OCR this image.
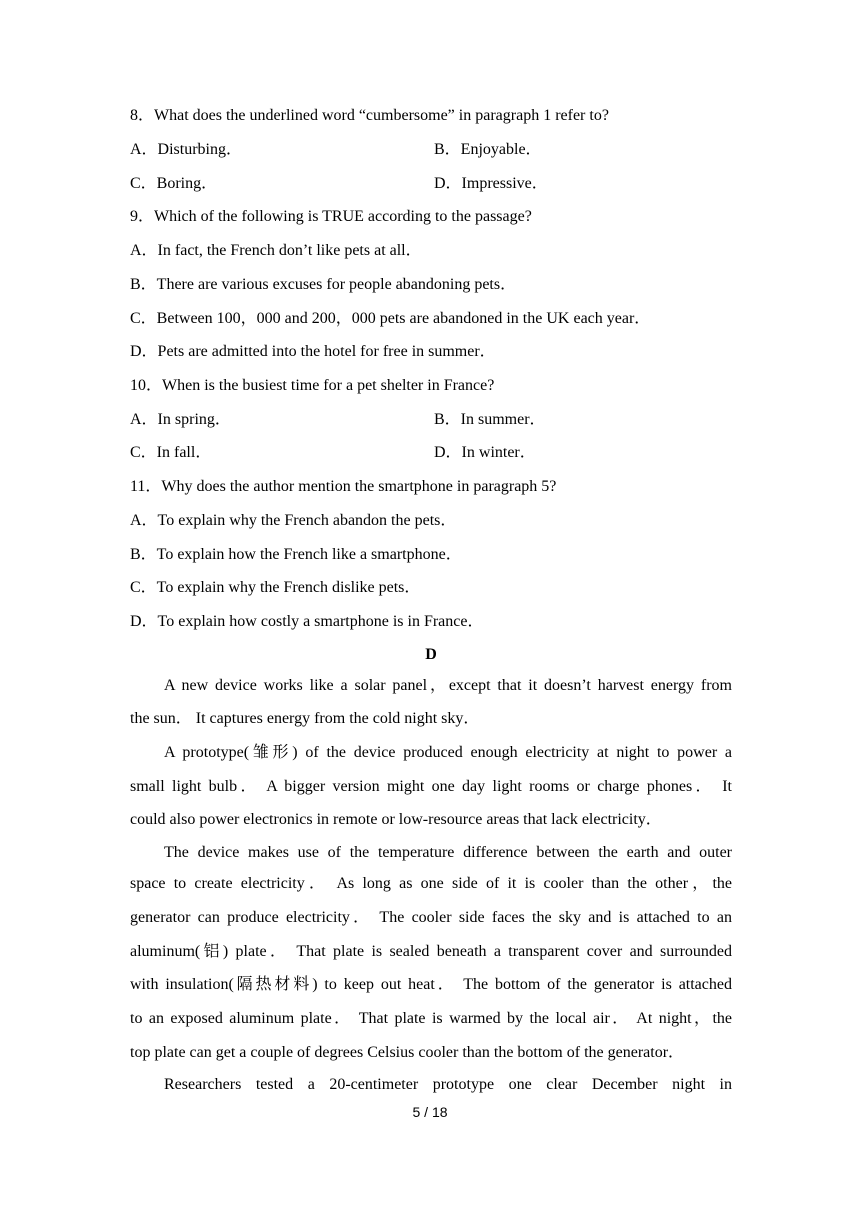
8．What does the underlined word “cumbersome” in paragraph 1 refer to?
A．Disturbing．	B．Enjoyable．
C．Boring．	D．Impressive．
9．Which of the following is TRUE according to the passage?
A．In fact, the French don’t like pets at all．
B．There are various excuses for people abandoning pets．
C．Between 100，000 and 200，000 pets are abandoned in the UK each year．
D．Pets are admitted into the hotel for free in summer．
10．When is the busiest time for a pet shelter in France?
A．In spring．	B．In summer．
C．In fall．	D．In winter．
11．Why does the author mention the smartphone in paragraph 5?
A．To explain why the French abandon the pets．
B．To explain how the French like a smartphone．
C．To explain why the French dislike pets．
D．To explain how costly a smartphone is in France．
D
A new device works like a solar panel，except that it doesn’t harvest energy from
the sun． It captures energy from the cold night sky．
A prototype(雏形) of the device produced enough electricity at night to power a
small light bulb． A bigger version might one day light rooms or charge phones． It
could also power electronics in remote or low-resource areas that lack electricity．
The device makes use of the temperature difference between the earth and outer
space to create electricity． As long as one side of it is cooler than the other，the
generator can produce electricity． The cooler side faces the sky and is attached to an
aluminum(铝) plate． That plate is sealed beneath a transparent cover and surrounded
with insulation(隔热材料) to keep out heat． The bottom of the generator is attached
to an exposed aluminum plate． That plate is warmed by the local air． At night，the
top plate can get a couple of degrees Celsius cooler than the bottom of the generator．
Researchers tested a 20-centimeter prototype one clear December night in
5 / 18
